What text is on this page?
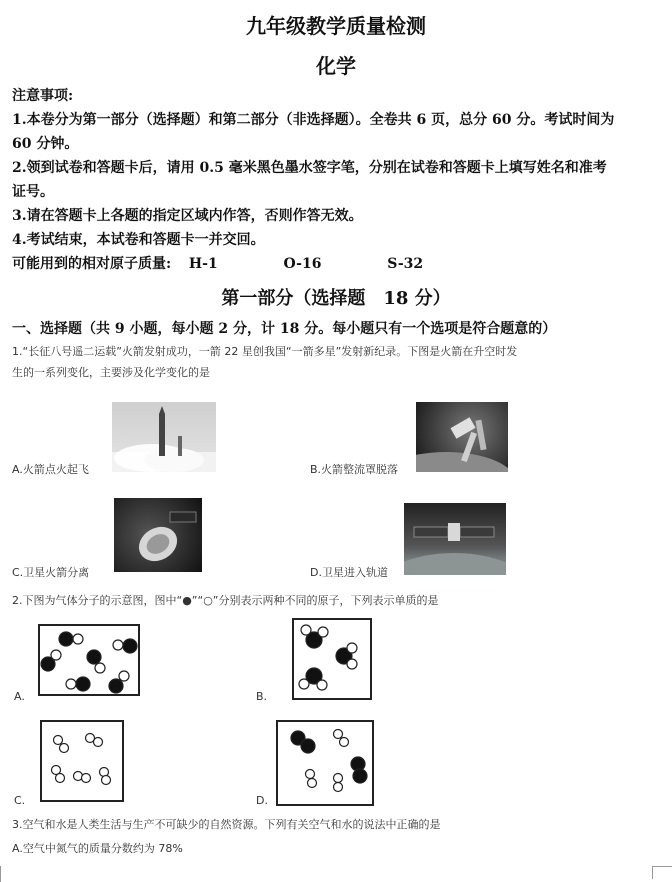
九年级教学质量检测
化学
注意事项:
1.本卷分为第一部分（选择题）和第二部分（非选择题）。全卷共 6 页，总分 60 分。考试时间为
60 分钟。
2.领到试卷和答题卡后，请用 0.5 毫米黑色墨水签字笔，分别在试卷和答题卡上填写姓名和准考
证号。
3.请在答题卡上各题的指定区域内作答，否则作答无效。
4.考试结束，本试卷和答题卡一并交回。
可能用到的相对原子质量: H-1	O-16	S-32
第一部分（选择题　18 分）
一、选择题（共 9 小题，每小题 2 分，计 18 分。每小题只有一个选项是符合题意的）
1.“长征八号遥二运载”火箭发射成功，一箭 22 星创我国“一箭多星”发射新纪录。下图是火箭在升空时发
生的一系列变化，主要涉及化学变化的是
A.火箭点火起飞	B.火箭整流罩脱落
C.卫星火箭分离	D.卫星进入轨道
2.下图为气体分子的示意图，图中“●”“○”分别表示两种不同的原子，下列表示单质的是
A.	B.
C.	D.
3.空气和水是人类生活与生产不可缺少的自然资源。下列有关空气和水的说法中正确的是
A.空气中氮气的质量分数约为 78%
